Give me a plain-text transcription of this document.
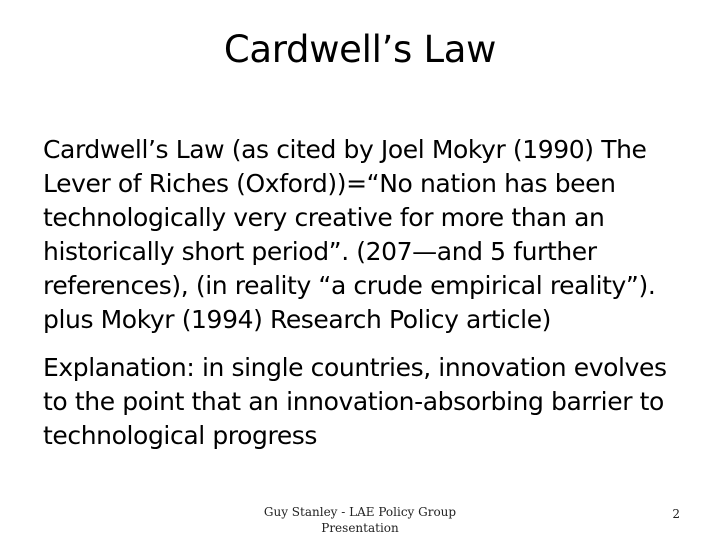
Cardwell’s Law
Cardwell’s Law (as cited by Joel Mokyr (1990) The Lever of Riches (Oxford))=“No nation has been technologically very creative for more than an historically short period”. (207—and 5 further references), (in reality “a crude empirical reality”). plus Mokyr (1994) Research Policy article)
Explanation: in single countries, innovation evolves to the point that an innovation-absorbing barrier to technological progress
Guy Stanley - LAE Policy Group
Presentation
2
